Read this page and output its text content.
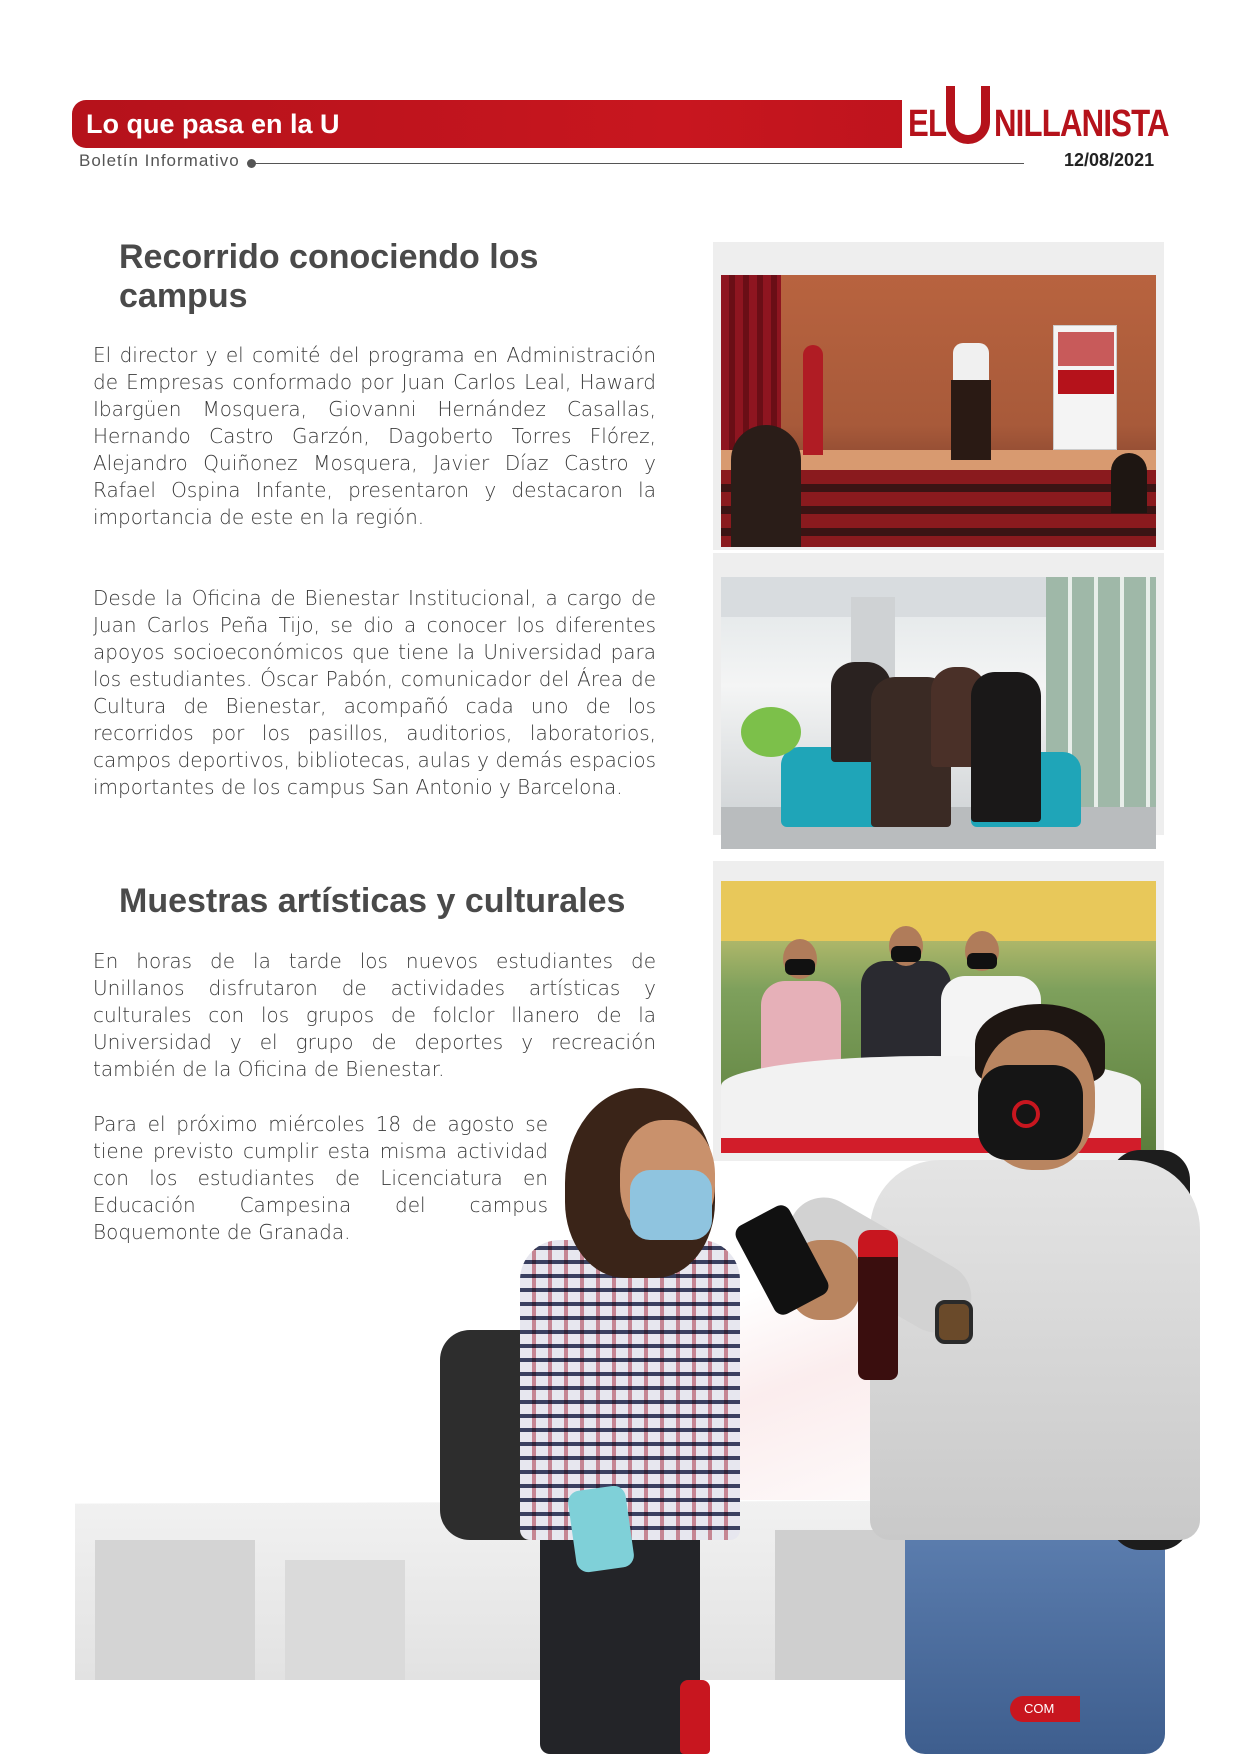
Lo que pasa en la U	EL NILLANISTA
Boletín Informativo	12/08/2021
Recorrido conociendo los campus

El director y el comité del programa en Administración de Empresas conformado por Juan Carlos Leal, Haward Ibargüen Mosquera, Giovanni Hernández Casallas, Hernando Castro Garzón, Dagoberto Torres Flórez, Alejandro Quiñonez Mosquera, Javier Díaz Castro y Rafael Ospina Infante, presentaron y destacaron la importancia de este en la región.

Desde la Oficina de Bienestar Institucional, a cargo de Juan Carlos Peña Tijo, se dio a conocer los diferentes apoyos socioeconómicos que tiene la Universidad para los estudiantes. Óscar Pabón, comunicador del Área de Cultura de Bienestar, acompañó cada uno de los recorridos por los pasillos, auditorios, laboratorios, campos deportivos, bibliotecas, aulas y demás espacios importantes de los campus San Antonio y Barcelona.

Muestras artísticas y culturales

En horas de la tarde los nuevos estudiantes de Unillanos disfrutaron de actividades artísticas y culturales con los grupos de folclor llanero de la Universidad y el grupo de deportes y recreación también de la Oficina de Bienestar.

Para el próximo miércoles 18 de agosto se tiene previsto cumplir esta misma actividad con los estudiantes de Licenciatura en Educación Campesina del campus Boquemonte de Granada.

COM
